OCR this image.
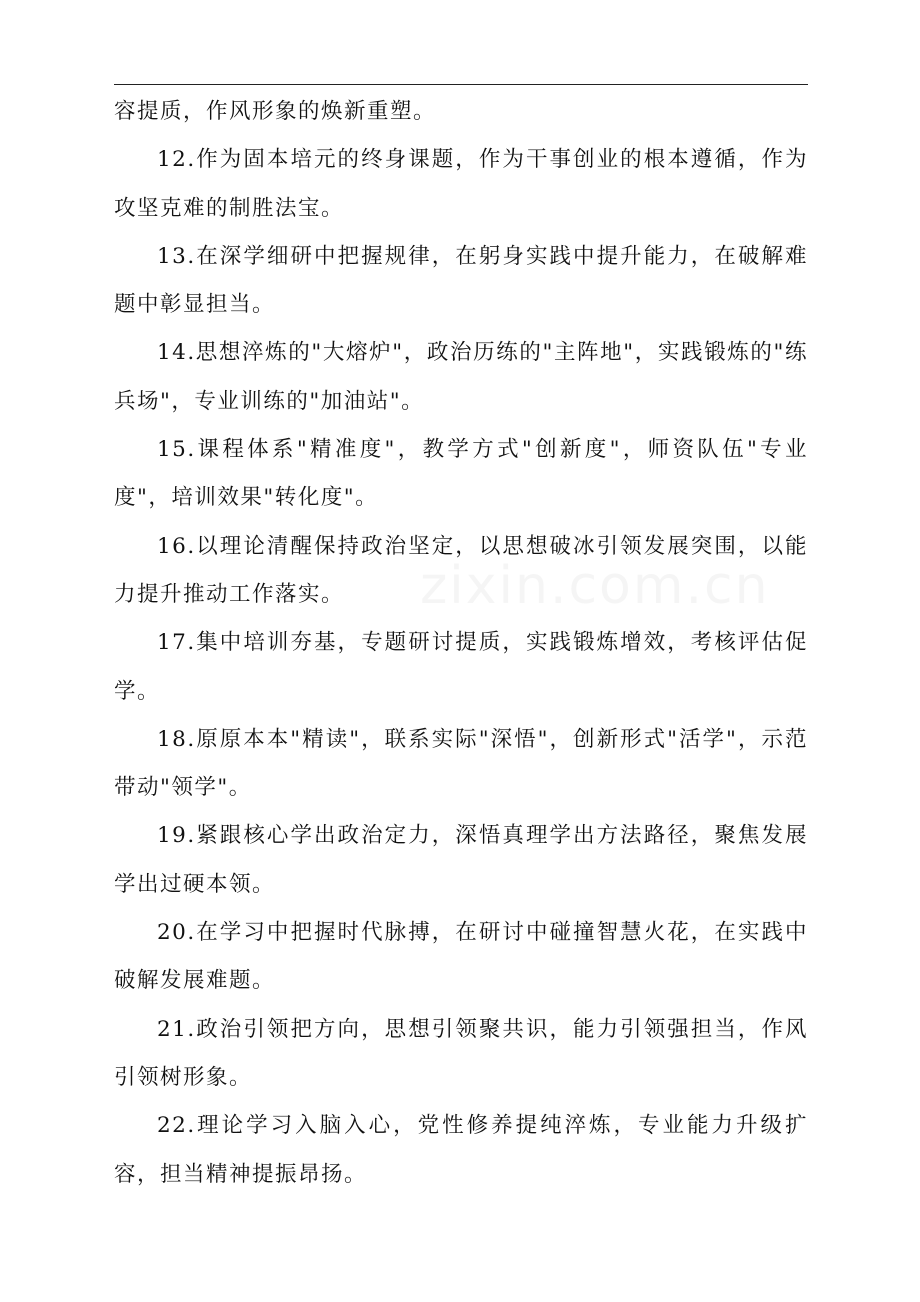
zixin.com.cn

容提质，作风形象的焕新重塑。

12.作为固本培元的终身课题，作为干事创业的根本遵循，作为攻坚克难的制胜法宝。

13.在深学细研中把握规律，在躬身实践中提升能力，在破解难题中彰显担当。

14.思想淬炼的"大熔炉"，政治历练的"主阵地"，实践锻炼的"练兵场"，专业训练的"加油站"。

15.课程体系"精准度"，教学方式"创新度"，师资队伍"专业度"，培训效果"转化度"。

16.以理论清醒保持政治坚定，以思想破冰引领发展突围，以能力提升推动工作落实。

17.集中培训夯基，专题研讨提质，实践锻炼增效，考核评估促学。

18.原原本本"精读"，联系实际"深悟"，创新形式"活学"，示范带动"领学"。

19.紧跟核心学出政治定力，深悟真理学出方法路径，聚焦发展学出过硬本领。

20.在学习中把握时代脉搏，在研讨中碰撞智慧火花，在实践中破解发展难题。

21.政治引领把方向，思想引领聚共识，能力引领强担当，作风引领树形象。

22.理论学习入脑入心，党性修养提纯淬炼，专业能力升级扩容，担当精神提振昂扬。
